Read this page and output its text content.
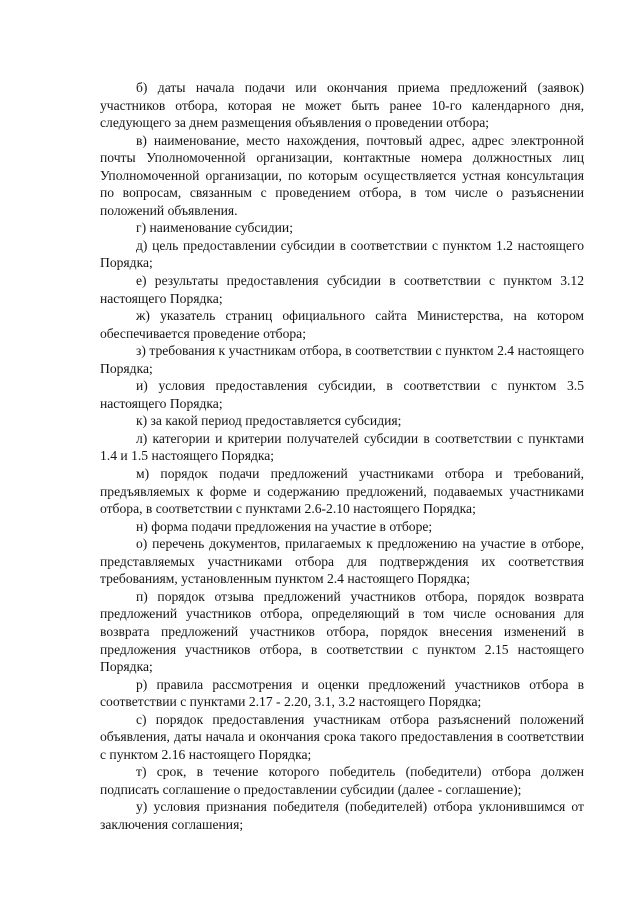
б) даты начала подачи или окончания приема предложений (заявок) участников отбора, которая не может быть ранее 10-го календарного дня, следующего за днем размещения объявления о проведении отбора;

в) наименование, место нахождения, почтовый адрес, адрес электронной почты Уполномоченной организации, контактные номера должностных лиц Уполномоченной организации, по которым осуществляется устная консультация по вопросам, связанным с проведением отбора, в том числе о разъяснении положений объявления.

г) наименование субсидии;

д) цель предоставлении субсидии в соответствии с пунктом 1.2 настоящего Порядка;

е) результаты предоставления субсидии в соответствии с пунктом 3.12 настоящего Порядка;

ж) указатель страниц официального сайта Министерства, на котором обеспечивается проведение отбора;

з) требования к участникам отбора, в соответствии с пунктом 2.4 настоящего Порядка;

и) условия предоставления субсидии, в соответствии с пунктом 3.5 настоящего Порядка;

к) за какой период предоставляется субсидия;

л) категории и критерии получателей субсидии в соответствии с пунктами 1.4 и 1.5 настоящего Порядка;

м) порядок подачи предложений участниками отбора и требований, предъявляемых к форме и содержанию предложений, подаваемых участниками отбора, в соответствии с пунктами 2.6-2.10 настоящего Порядка;

н) форма подачи предложения на участие в отборе;

о) перечень документов, прилагаемых к предложению на участие в отборе, представляемых участниками отбора для подтверждения их соответствия требованиям, установленным пунктом 2.4 настоящего Порядка;

п) порядок отзыва предложений участников отбора, порядок возврата предложений участников отбора, определяющий в том числе основания для возврата предложений участников отбора, порядок внесения изменений в предложения участников отбора, в соответствии с пунктом 2.15 настоящего Порядка;

р) правила рассмотрения и оценки предложений участников отбора в соответствии с пунктами 2.17 - 2.20, 3.1, 3.2 настоящего Порядка;

с) порядок предоставления участникам отбора разъяснений положений объявления, даты начала и окончания срока такого предоставления в соответствии с пунктом 2.16 настоящего Порядка;

т) срок, в течение которого победитель (победители) отбора должен подписать соглашение о предоставлении субсидии (далее - соглашение);

у) условия признания победителя (победителей) отбора уклонившимся от заключения соглашения;
